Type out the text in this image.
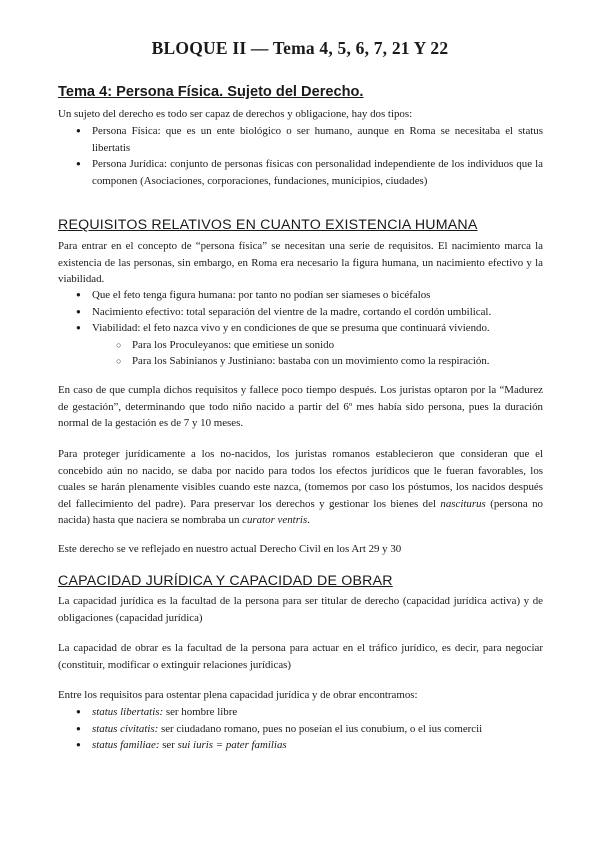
BLOQUE II — Tema 4, 5, 6, 7, 21 Y 22
Tema 4: Persona Física. Sujeto del Derecho.

Un sujeto del derecho es todo ser capaz de derechos y obligacione, hay dos tipos:

● Persona Física: que es un ente biológico o ser humano, aunque en Roma se necesitaba el status libertatis
● Persona Jurídica: conjunto de personas físicas con personalidad independiente de los individuos que la componen (Asociaciones, corporaciones, fundaciones, municipios, ciudades)
REQUISITOS RELATIVOS EN CUANTO EXISTENCIA HUMANA

Para entrar en el concepto de “persona física” se necesitan una serie de requisitos. El nacimiento marca la existencia de las personas, sin embargo, en Roma era necesario la figura humana, un nacimiento efectivo y la viabilidad.

● Que el feto tenga figura humana: por tanto no podían ser siameses o bicéfalos
● Nacimiento efectivo: total separación del vientre de la madre, cortando el cordón umbilical.
● Viabilidad: el feto nazca vivo y en condiciones de que se presuma que continuará viviendo.
○ Para los Proculeyanos: que emitiese un sonido
○ Para los Sabinianos y Justiniano: bastaba con un movimiento como la respiración.

En caso de que cumpla dichos requisitos y fallece poco tiempo después. Los juristas optaron por la “Madurez de gestación”, determinando que todo niño nacido a partir del 6º mes había sido persona, pues la duración normal de la gestación es de 7 y 10 meses.

Para proteger jurídicamente a los no-nacidos, los juristas romanos establecieron que consideran que el concebido aún no nacido, se daba por nacido para todos los efectos jurídicos que le fueran favorables, los cuales se harán plenamente visibles cuando este nazca, (tomemos por caso los póstumos, los nacidos después del fallecimiento del padre). Para preservar los derechos y gestionar los bienes del nasciturus (persona no nacida) hasta que naciera se nombraba un curator ventris.

Este derecho se ve reflejado en nuestro actual Derecho Civil en los Art 29 y 30

CAPACIDAD JURÍDICA Y CAPACIDAD DE OBRAR

La capacidad jurídica es la facultad de la persona para ser titular de derecho (capacidad jurídica activa) y de obligaciones (capacidad jurídica)

La capacidad de obrar es la facultad de la persona para actuar en el tráfico jurídico, es decir, para negociar (constituir, modificar o extinguir relaciones jurídicas)

Entre los requisitos para ostentar plena capacidad jurídica y de obrar encontramos:

● status libertatis: ser hombre libre
● status civitatis: ser ciudadano romano, pues no poseían el ius conubium, o el ius comercii
● status familiae: ser sui iuris = pater familias
